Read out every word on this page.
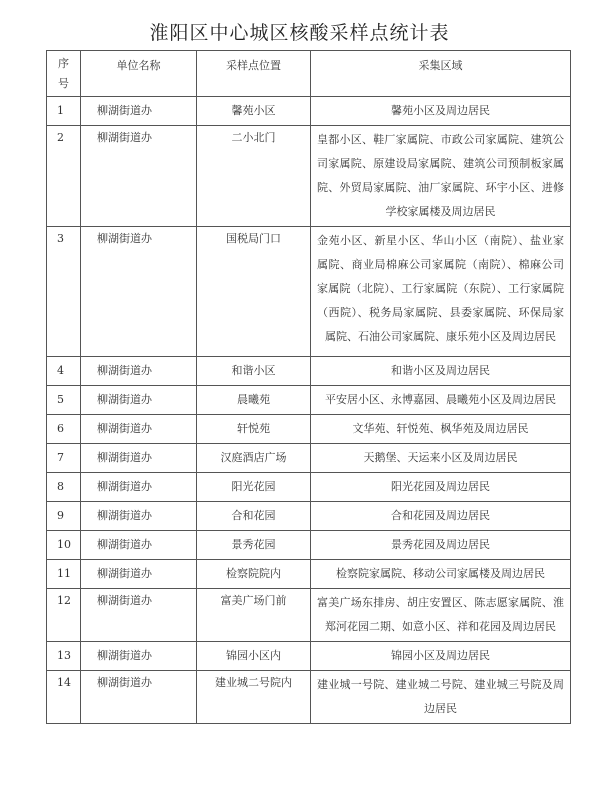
淮阳区中心城区核酸采样点统计表
序号	单位名称	采样点位置	采集区域
1	柳湖街道办	馨苑小区	馨苑小区及周边居民
2	柳湖街道办	二小北门	皇都小区、鞋厂家属院、市政公司家属院、建筑公司家属院、原建设局家属院、建筑公司预制板家属院、外贸局家属院、油厂家属院、环宇小区、进修学校家属楼及周边居民
3	柳湖街道办	国税局门口	金苑小区、新星小区、华山小区（南院）、盐业家属院、商业局棉麻公司家属院（南院）、棉麻公司家属院（北院）、工行家属院（东院）、工行家属院（西院）、税务局家属院、县委家属院、环保局家属院、石油公司家属院、康乐苑小区及周边居民
4	柳湖街道办	和谐小区	和谐小区及周边居民
5	柳湖街道办	晨曦苑	平安居小区、永博嘉园、晨曦苑小区及周边居民
6	柳湖街道办	轩悦苑	文华苑、轩悦苑、枫华苑及周边居民
7	柳湖街道办	汉庭酒店广场	天鹅堡、天运来小区及周边居民
8	柳湖街道办	阳光花园	阳光花园及周边居民
9	柳湖街道办	合和花园	合和花园及周边居民
10	柳湖街道办	景秀花园	景秀花园及周边居民
11	柳湖街道办	检察院院内	检察院家属院、移动公司家属楼及周边居民
12	柳湖街道办	富美广场门前	富美广场东排房、胡庄安置区、陈志愿家属院、淮郑河花园二期、如意小区、祥和花园及周边居民
13	柳湖街道办	锦园小区内	锦园小区及周边居民
14	柳湖街道办	建业城二号院内	建业城一号院、建业城二号院、建业城三号院及周边居民
